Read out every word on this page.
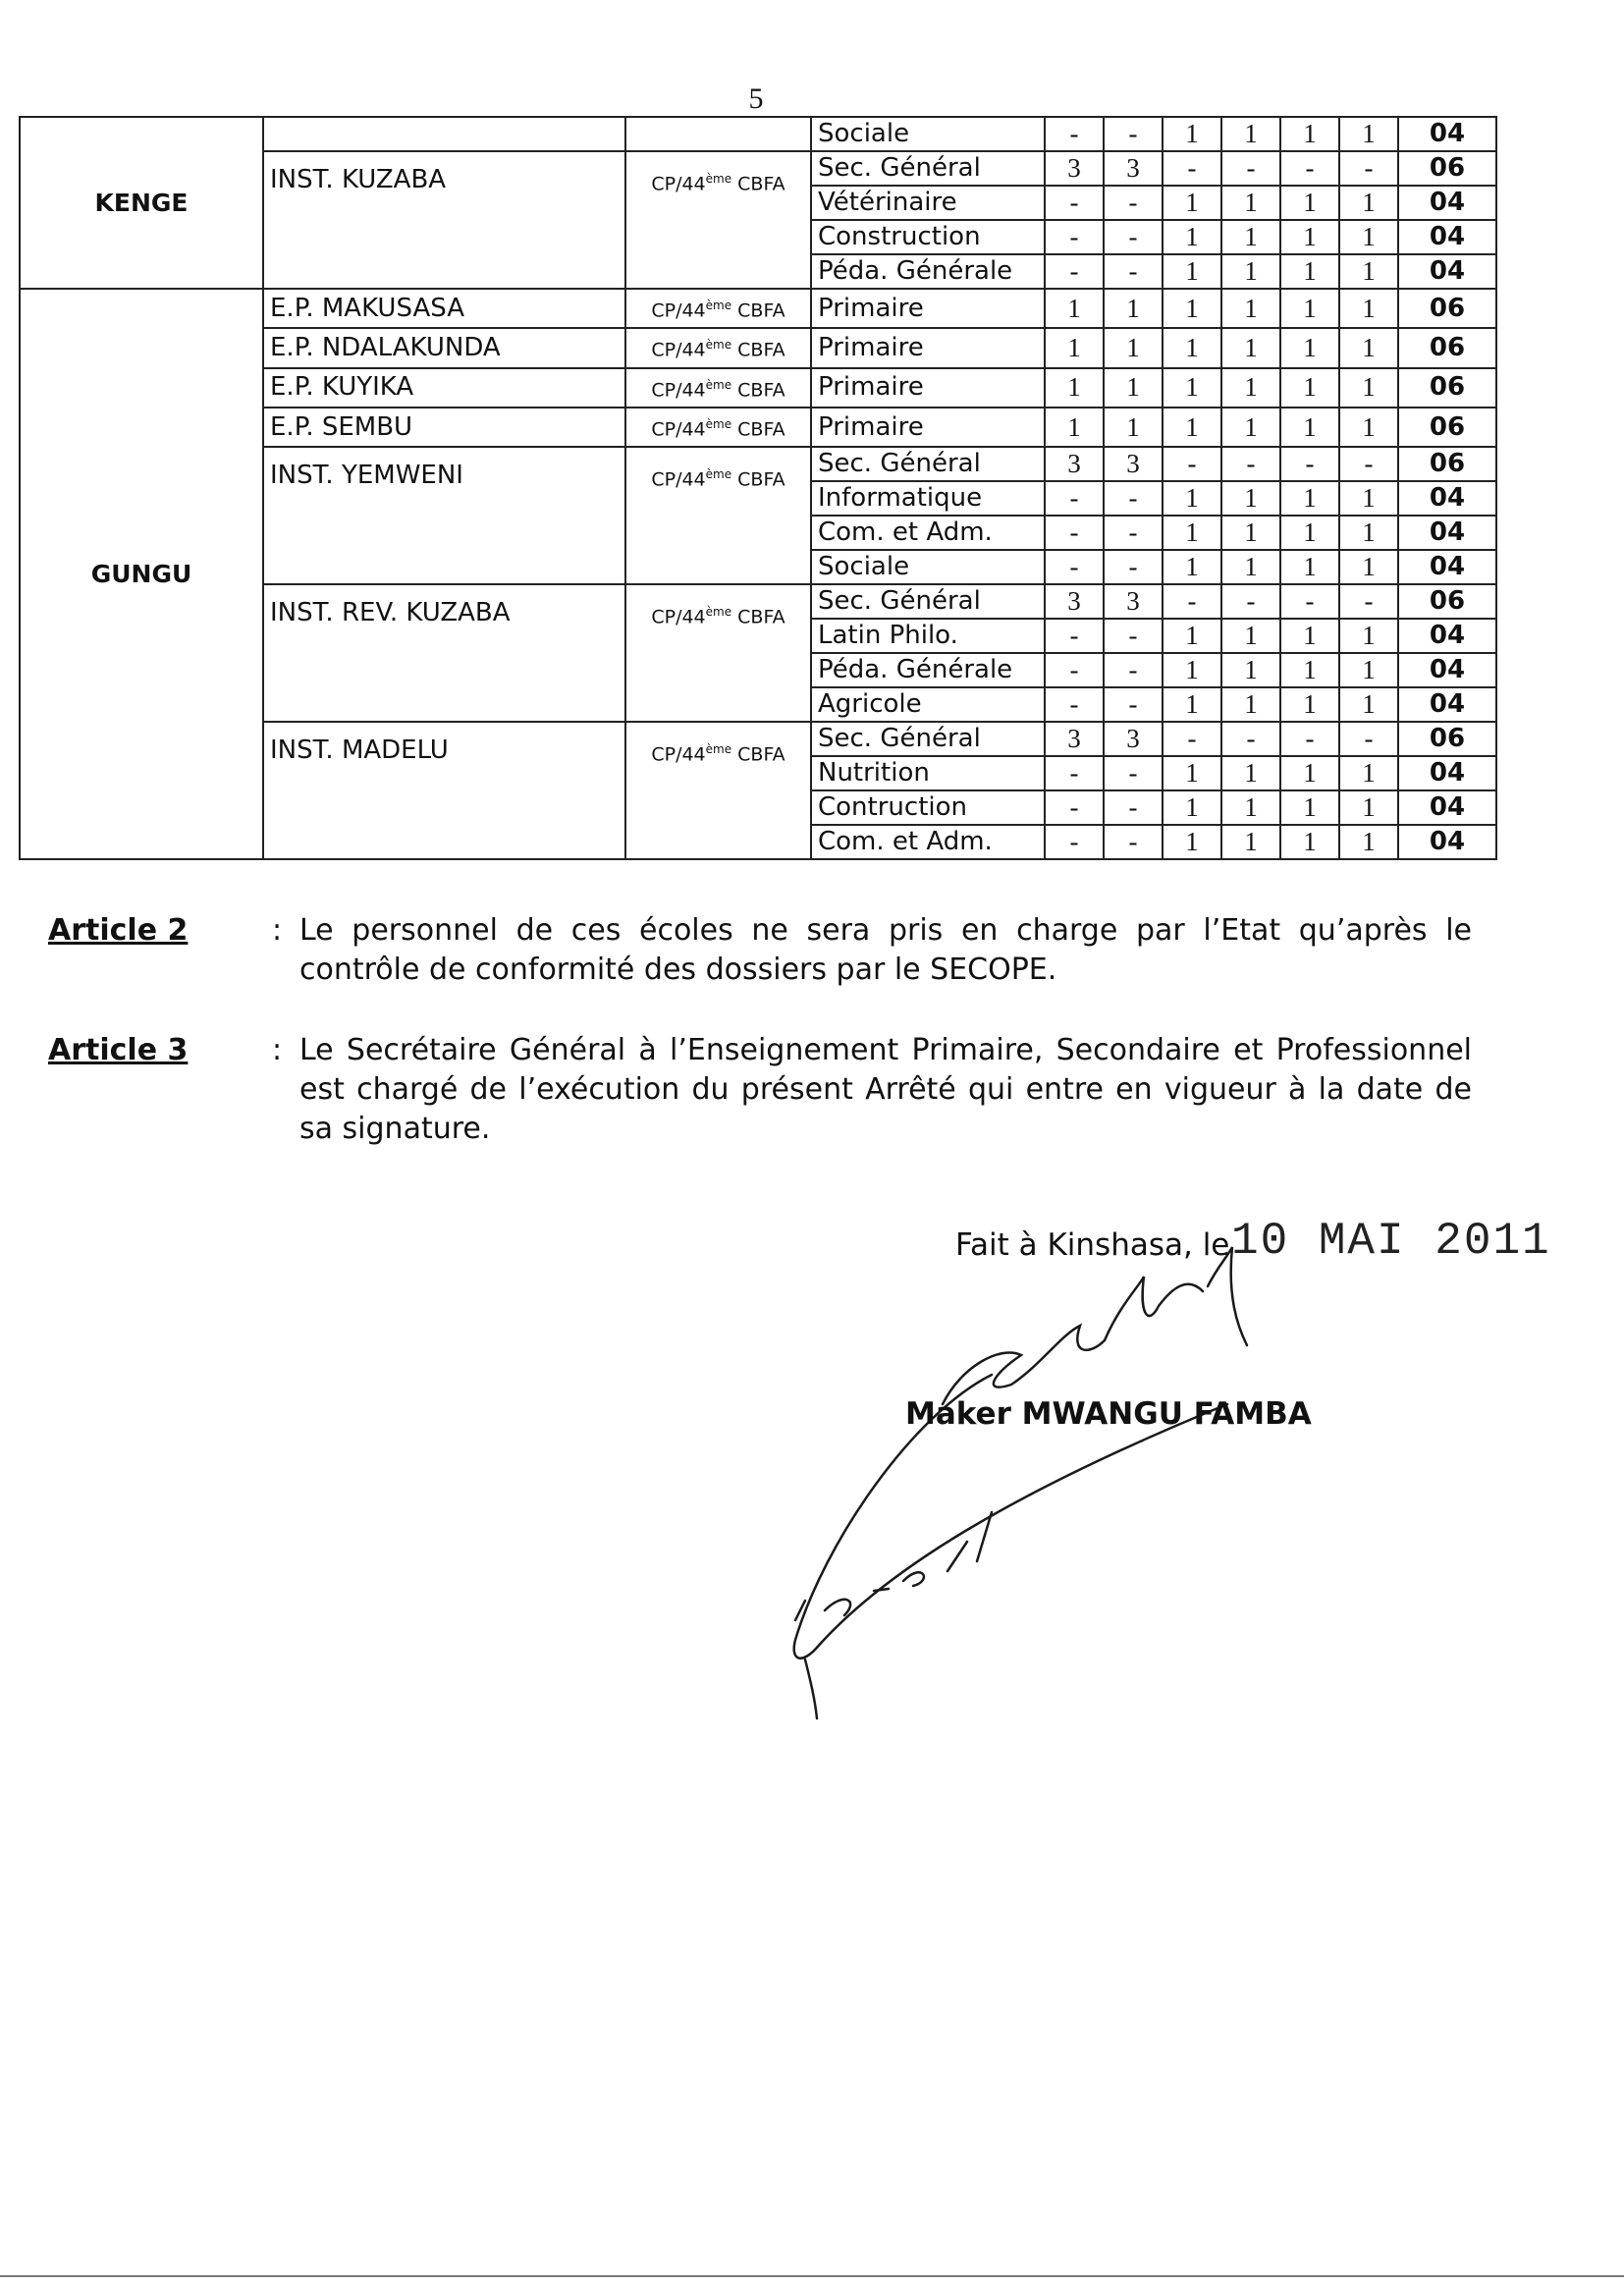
5
KENGE			Sociale	-	-	1	1	1	1	04
	INST. KUZABA	CP/44ème CBFA	Sec. Général	3	3	-	-	-	-	06
			Vétérinaire	-	-	1	1	1	1	04
			Construction	-	-	1	1	1	1	04
			Péda. Générale	-	-	1	1	1	1	04
GUNGU	E.P. MAKUSASA	CP/44ème CBFA	Primaire	1	1	1	1	1	1	06
	E.P. NDALAKUNDA	CP/44ème CBFA	Primaire	1	1	1	1	1	1	06
	E.P. KUYIKA	CP/44ème CBFA	Primaire	1	1	1	1	1	1	06
	E.P. SEMBU	CP/44ème CBFA	Primaire	1	1	1	1	1	1	06
	INST. YEMWENI	CP/44ème CBFA	Sec. Général	3	3	-	-	-	-	06
			Informatique	-	-	1	1	1	1	04
			Com. et Adm.	-	-	1	1	1	1	04
			Sociale	-	-	1	1	1	1	04
	INST. REV. KUZABA	CP/44ème CBFA	Sec. Général	3	3	-	-	-	-	06
			Latin Philo.	-	-	1	1	1	1	04
			Péda. Générale	-	-	1	1	1	1	04
			Agricole	-	-	1	1	1	1	04
	INST. MADELU	CP/44ème CBFA	Sec. Général	3	3	-	-	-	-	06
			Nutrition	-	-	1	1	1	1	04
			Contruction	-	-	1	1	1	1	04
			Com. et Adm.	-	-	1	1	1	1	04
Article 2	: Le personnel de ces écoles ne sera pris en charge par l’Etat qu’après le contrôle de conformité des dossiers par le SECOPE.
Article 3	: Le Secrétaire Général à l’Enseignement Primaire, Secondaire et Professionnel est chargé de l’exécution du présent Arrêté qui entre en vigueur à la date de sa signature.
Fait à Kinshasa, le 10 MAI 2011
10-05-11
Maker MWANGU FAMBA
